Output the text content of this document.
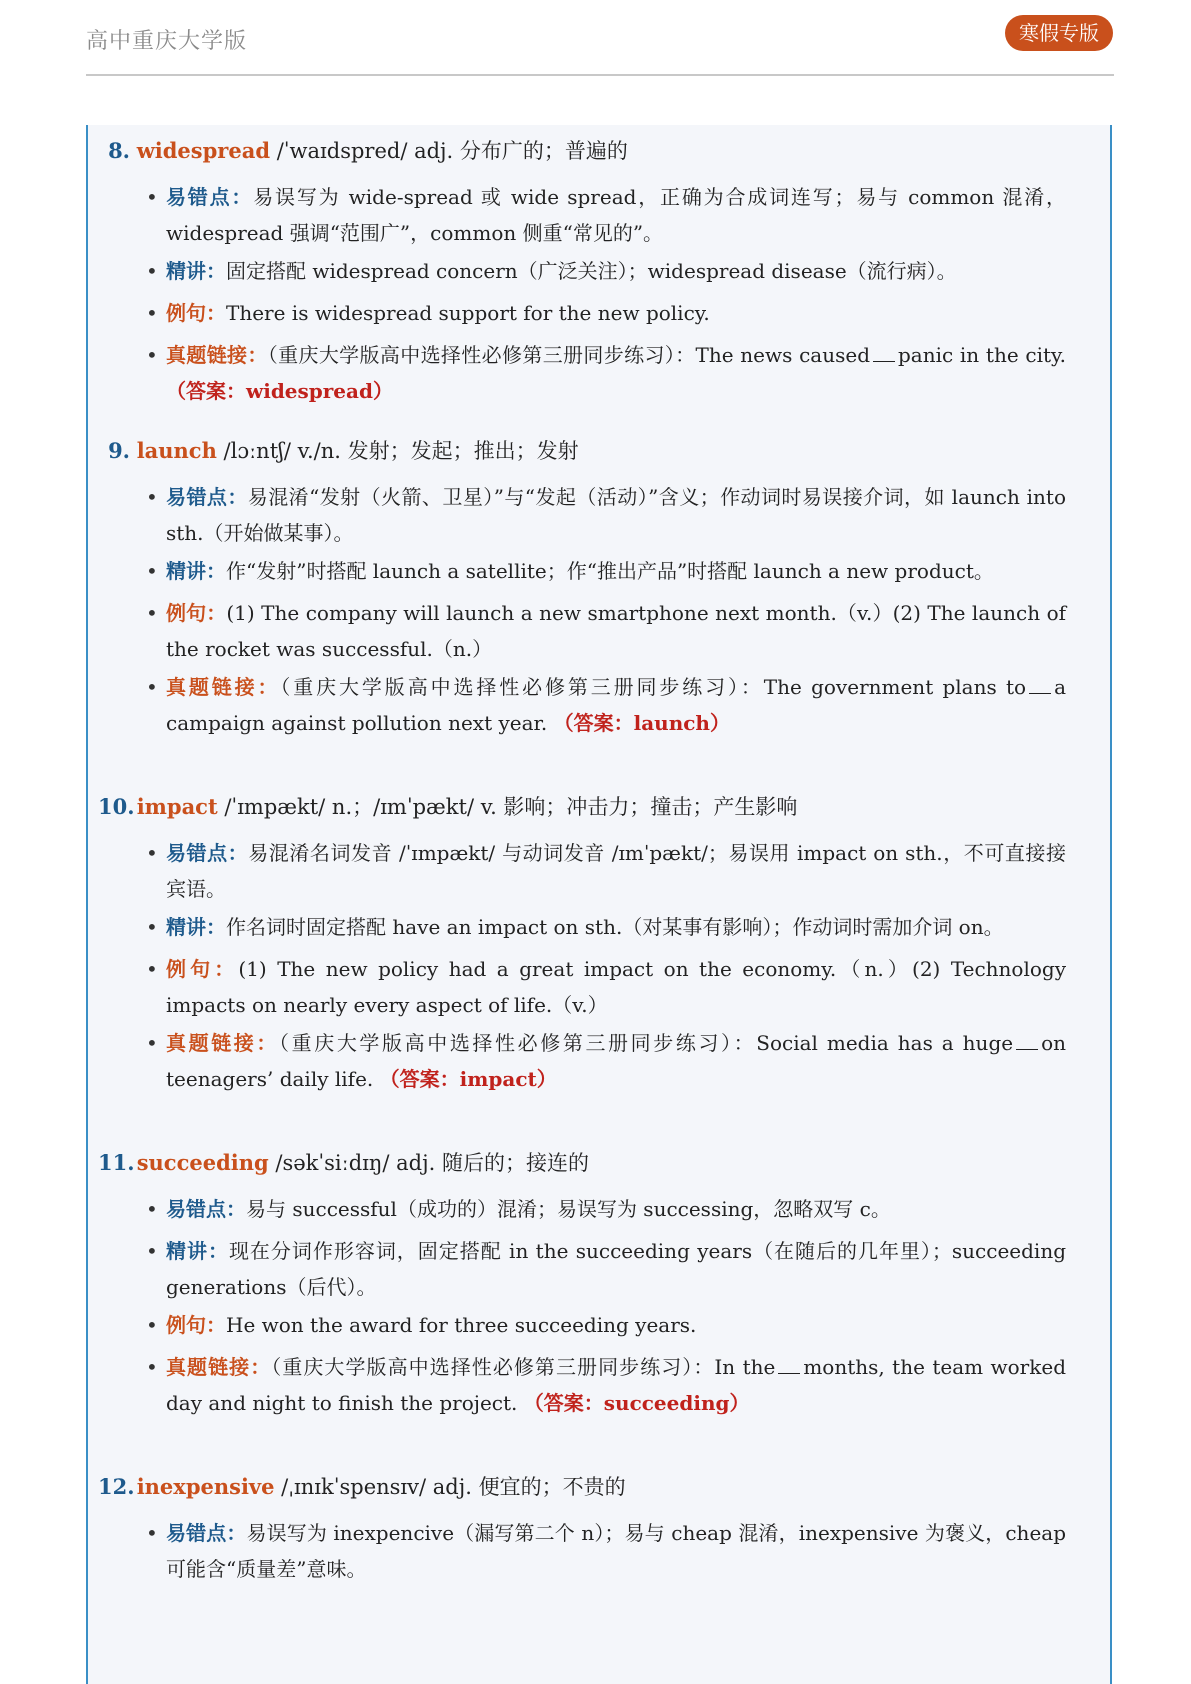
高中重庆大学版	寒假专版
8. widespread /ˈwaɪdspred/ adj. 分布广的；普遍的
• 易错点：易误写为 wide-spread 或 wide spread，正确为合成词连写；易与 common 混淆，widespread 强调“范围广”，common 侧重“常见的”。
• 精讲：固定搭配 widespread concern（广泛关注）；widespread disease（流行病）。
• 例句：There is widespread support for the new policy.
• 真题链接：（重庆大学版高中选择性必修第三册同步练习）：The news caused panic in the city. （答案：widespread）
9. launch /lɔːntʃ/ v./n. 发射；发起；推出；发射
• 易错点：易混淆“发射（火箭、卫星）”与“发起（活动）”含义；作动词时易误接介词，如 launch into sth.（开始做某事）。
• 精讲：作“发射”时搭配 launch a satellite；作“推出产品”时搭配 launch a new product。
• 例句：(1) The company will launch a new smartphone next month.（v.）(2) The launch of the rocket was successful.（n.）
• 真题链接：（重庆大学版高中选择性必修第三册同步练习）：The government plans to a campaign against pollution next year. （答案：launch）
10. impact /ˈɪmpækt/ n.；/ɪmˈpækt/ v. 影响；冲击力；撞击；产生影响
• 易错点：易混淆名词发音 /ˈɪmpækt/ 与动词发音 /ɪmˈpækt/；易误用 impact on sth.，不可直接接宾语。
• 精讲：作名词时固定搭配 have an impact on sth.（对某事有影响）；作动词时需加介词 on。
• 例句：(1) The new policy had a great impact on the economy.（n.）(2) Technology impacts on nearly every aspect of life.（v.）
• 真题链接：（重庆大学版高中选择性必修第三册同步练习）：Social media has a huge on teenagers’ daily life. （答案：impact）
11. succeeding /səkˈsiːdɪŋ/ adj. 随后的；接连的
• 易错点：易与 successful（成功的）混淆；易误写为 successing，忽略双写 c。
• 精讲：现在分词作形容词，固定搭配 in the succeeding years（在随后的几年里）；succeeding generations（后代）。
• 例句：He won the award for three succeeding years.
• 真题链接：（重庆大学版高中选择性必修第三册同步练习）：In the months, the team worked day and night to finish the project. （答案：succeeding）
12. inexpensive /ˌɪnɪkˈspensɪv/ adj. 便宜的；不贵的
• 易错点：易误写为 inexpencive（漏写第二个 n）；易与 cheap 混淆，inexpensive 为褒义，cheap 可能含“质量差”意味。
